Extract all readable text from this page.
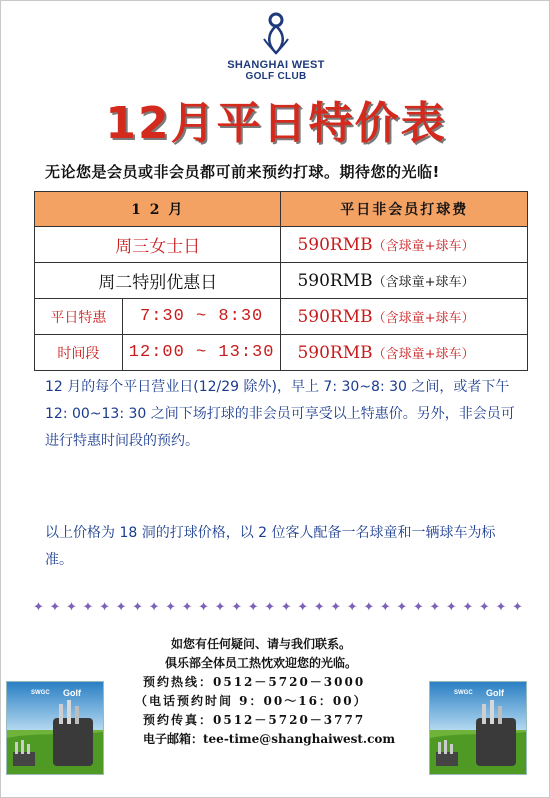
SHANGHAI WEST
GOLF CLUB
12月平日特价表
无论您是会员或非会员都可前来预约打球。期待您的光临!
1 2 月		平日非会员打球费
周三女士日		590RMB（含球童+球车）
周二特别优惠日		590RMB（含球童+球车）
平日特惠	7:30 ~ 8:30	590RMB（含球童+球车）
时间段	12:00 ~ 13:30	590RMB（含球童+球车）
12 月的每个平日营业日(12/29 除外)，早上 7: 30~8: 30 之间，或者下午 12: 00~13: 30 之间下场打球的非会员可享受以上特惠价。另外，非会员可进行特惠时间段的预约。
以上价格为 18 洞的打球价格，以 2 位客人配备一名球童和一辆球车为标准。
✦ ✦ ✦ ✦ ✦ ✦ ✦ ✦ ✦ ✦ ✦ ✦ ✦ ✦ ✦ ✦ ✦ ✦ ✦ ✦ ✦ ✦ ✦ ✦ ✦ ✦ ✦ ✦ ✦ ✦
如您有任何疑问、请与我们联系。
俱乐部全体员工热忱欢迎您的光临。
预约热线：0512－5720－3000
（电话预约时间 9：00～16：00）
预约传真：0512－5720－3777
电子邮箱：tee-time@shanghaiwest.com
SWGC Golf	SWGC Golf
